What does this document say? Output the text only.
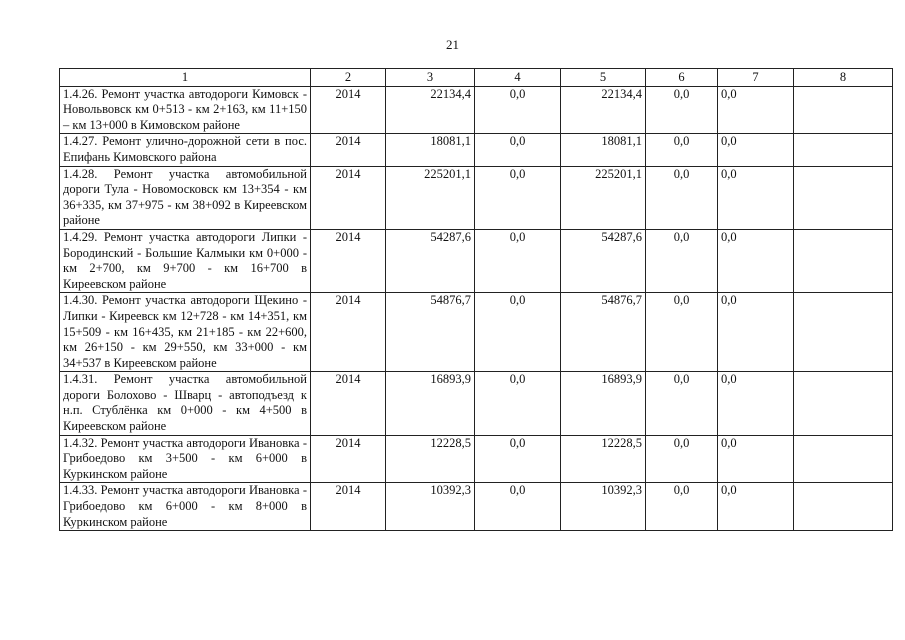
21
1	2	3	4	5	6	7	8
1.4.26. Ремонт участка автодороги Кимовск - Новольвовск км 0+513 - км 2+163, км 11+150 – км 13+000 в Кимовском районе	2014	22134,4	0,0	22134,4	0,0	0,0	
1.4.27. Ремонт улично-дорожной сети в пос. Епифань Кимовского района	2014	18081,1	0,0	18081,1	0,0	0,0	
1.4.28. Ремонт участка автомобильной дороги Тула - Новомосковск км 13+354 - км 36+335, км 37+975 - км 38+092 в Киреевском районе	2014	225201,1	0,0	225201,1	0,0	0,0	
1.4.29. Ремонт участка автодороги Липки - Бородинский - Большие Калмыки км 0+000 - км 2+700, км 9+700 - км 16+700 в Киреевском районе	2014	54287,6	0,0	54287,6	0,0	0,0	
1.4.30. Ремонт участка автодороги Щекино - Липки - Киреевск км 12+728 - км 14+351, км 15+509 - км 16+435, км 21+185 - км 22+600, км 26+150 - км 29+550, км 33+000 - км 34+537 в Киреевском районе	2014	54876,7	0,0	54876,7	0,0	0,0	
1.4.31. Ремонт участка автомобильной дороги Болохово - Шварц - автоподъезд к н.п. Стублёнка км 0+000 - км 4+500 в Киреевском районе	2014	16893,9	0,0	16893,9	0,0	0,0	
1.4.32. Ремонт участка автодороги Ивановка - Грибоедово км 3+500 - км 6+000 в Куркинском районе	2014	12228,5	0,0	12228,5	0,0	0,0	
1.4.33. Ремонт участка автодороги Ивановка - Грибоедово км 6+000 - км 8+000 в Куркинском районе	2014	10392,3	0,0	10392,3	0,0	0,0	
